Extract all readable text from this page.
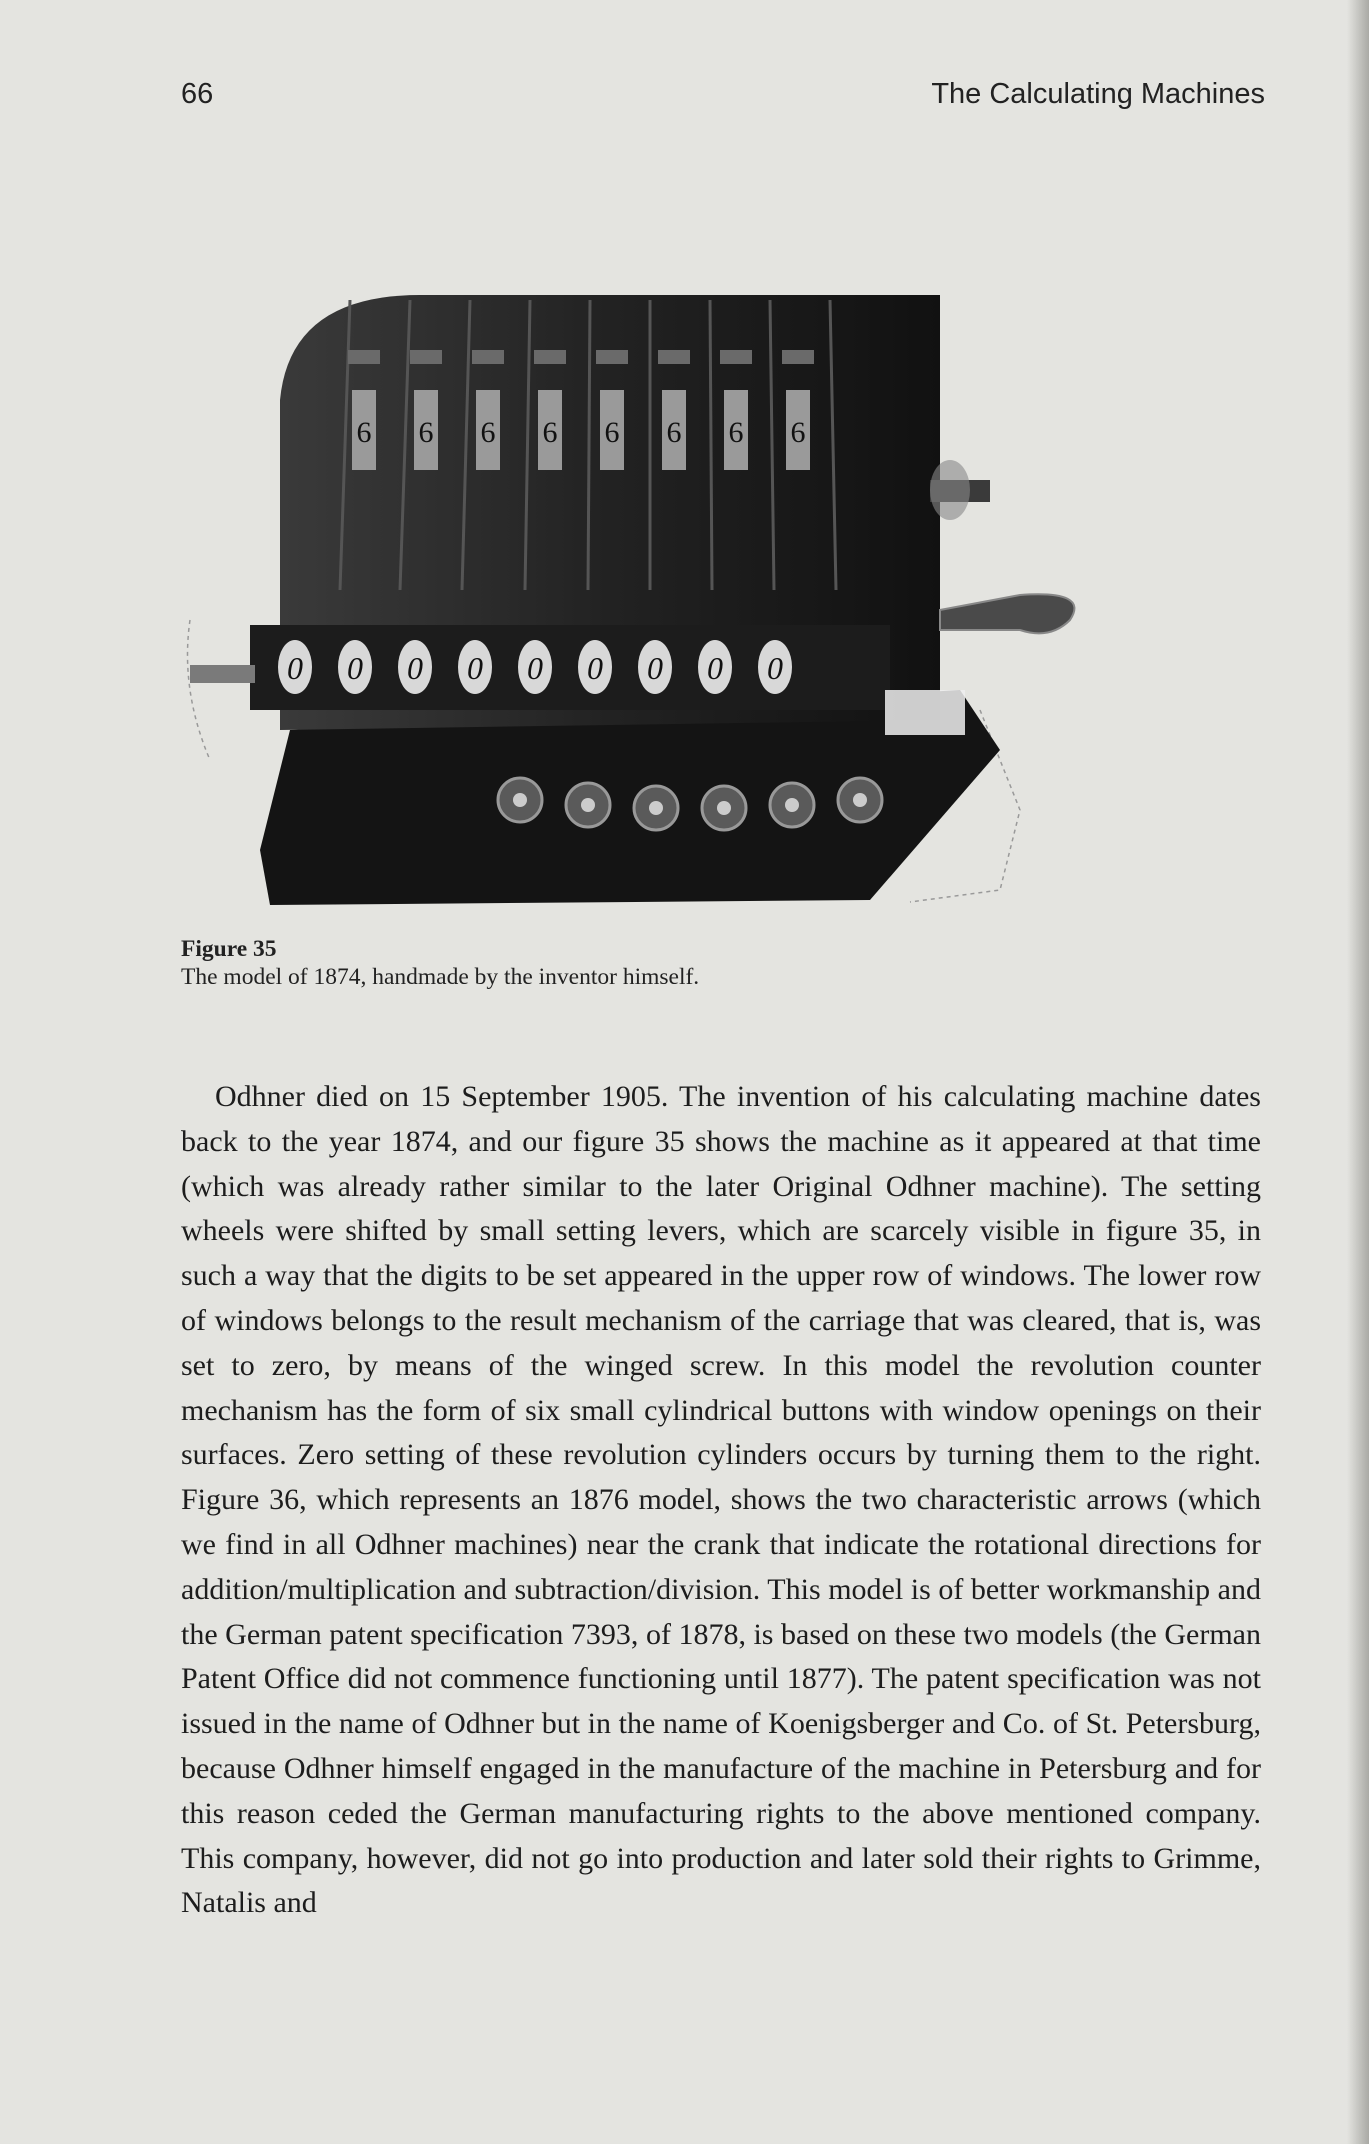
66	The Calculating Machines
6 6 6 6 6 6 6 6
0 0 0 0 0 0 0 0 0
Figure 35
The model of 1874, handmade by the inventor himself.

Odhner died on 15 September 1905. The invention of his calculating machine dates back to the year 1874, and our figure 35 shows the machine as it appeared at that time (which was already rather similar to the later Original Odhner machine). The setting wheels were shifted by small setting levers, which are scarcely visible in figure 35, in such a way that the digits to be set appeared in the upper row of windows. The lower row of windows belongs to the result mechanism of the carriage that was cleared, that is, was set to zero, by means of the winged screw. In this model the revolution counter mechanism has the form of six small cylindrical buttons with window openings on their surfaces. Zero setting of these revolution cylinders occurs by turning them to the right. Figure 36, which represents an 1876 model, shows the two characteristic arrows (which we find in all Odhner machines) near the crank that indicate the rotational directions for addition/multiplication and subtraction/division. This model is of better workmanship and the German patent specification 7393, of 1878, is based on these two models (the German Patent Office did not commence functioning until 1877). The patent specification was not issued in the name of Odhner but in the name of Koenigsberger and Co. of St. Petersburg, because Odhner himself engaged in the manufacture of the machine in Petersburg and for this reason ceded the German manufacturing rights to the above mentioned company. This company, however, did not go into production and later sold their rights to Grimme, Natalis and
